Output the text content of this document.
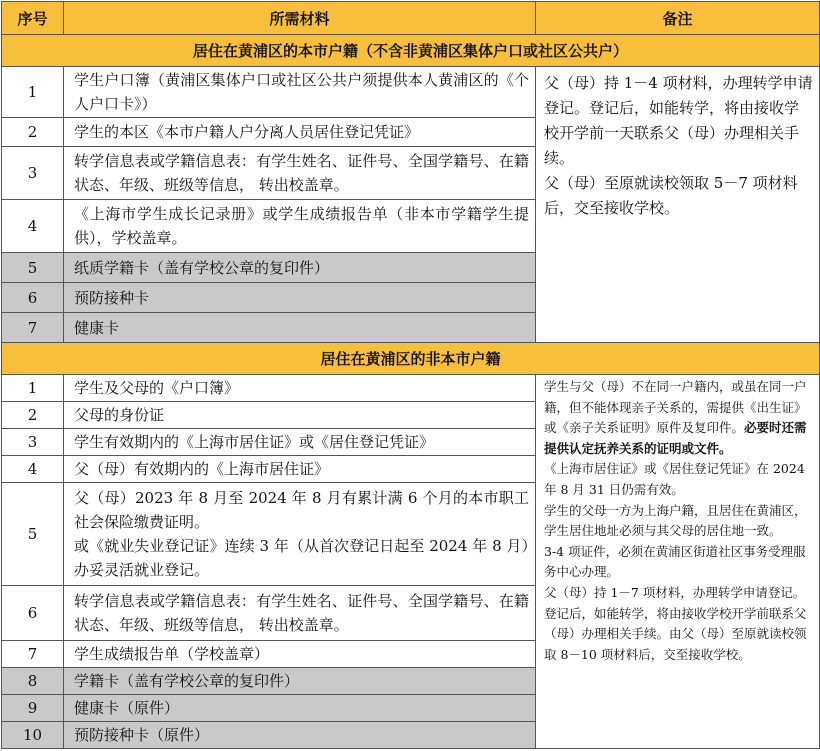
序号	所需材料	备注
居住在黄浦区的本市户籍（不含非黄浦区集体户口或社区公共户）		
1	学生户口簿（黄浦区集体户口或社区公共户须提供本人黄浦区的《个人户口卡》）	父（母）持 1－4 项材料，办理转学申请登记。登记后，如能转学，将由接收学校开学前一天联系父（母）办理相关手续。

父（母）至原就读校领取 5－7 项材料后，交至接收学校。

2	学生的本区《本市户籍人户分离人员居住登记凭证》	
3	转学信息表或学籍信息表：有学生姓名、证件号、全国学籍号、在籍状态、年级、班级等信息， 转出校盖章。	
4	《上海市学生成长记录册》或学生成绩报告单（非本市学籍学生提供），学校盖章。	
5	纸质学籍卡（盖有学校公章的复印件）	
6	预防接种卡	
7	健康卡	
居住在黄浦区的非本市户籍		
1	学生及父母的《户口簿》	学生与父（母）不在同一户籍内，或虽在同一户籍，但不能体现亲子关系的，需提供《出生证》或《亲子关系证明》原件及复印件。必要时还需提供认定抚养关系的证明或文件。

《上海市居住证》或《居住登记凭证》在 2024 年 8 月 31 日仍需有效。

学生的父母一方为上海户籍，且居住在黄浦区，学生居住地址必须与其父母的居住地一致。

3-4 项证件，必须在黄浦区街道社区事务受理服务中心办理。

父（母）持 1－7 项材料，办理转学申请登记。登记后，如能转学，将由接收学校开学前联系父（母）办理相关手续。由父（母）至原就读校领取 8－10 项材料后，交至接收学校。

2	父母的身份证	
3	学生有效期内的《上海市居住证》或《居住登记凭证》	
4	父（母）有效期内的《上海市居住证》	
5	父（母）2023 年 8 月至 2024 年 8 月有累计满 6 个月的本市职工社会保险缴费证明。
或《就业失业登记证》连续 3 年（从首次登记日起至 2024 年 8 月）办妥灵活就业登记。	

6	转学信息表或学籍信息表：有学生姓名、证件号、全国学籍号、在籍状态、年级、班级等信息， 转出校盖章。	
7	学生成绩报告单（学校盖章）	
8	学籍卡（盖有学校公章的复印件）	
9	健康卡（原件）	
10	预防接种卡（原件）	
